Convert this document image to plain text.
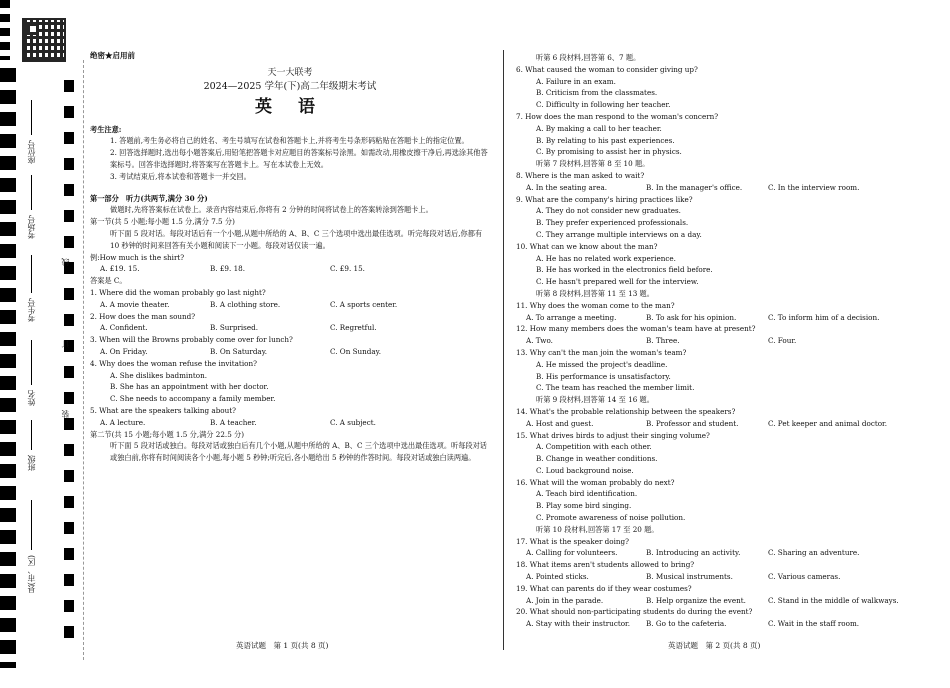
座位号
考场号
考生号
姓名
班级
县(市、区)
线
订
装

绝密★启用前

天一大联考

2024—2025 学年(下)高二年级期末考试

英 语

考生注意:

1. 答题前,考生务必将自己的姓名、考生号填写在试卷和答题卡上,并将考生号条形码粘贴在答题卡上的指定位置。

2. 回答选择题时,选出每小题答案后,用铅笔把答题卡对应题目的答案标号涂黑。如需改动,用橡皮擦干净后,再选涂其他答案标号。回答非选择题时,将答案写在答题卡上。写在本试卷上无效。

3. 考试结束后,将本试卷和答题卡一并交回。

第一部分　听力(共两节,满分 30 分)

做题时,先将答案标在试卷上。录音内容结束后,你将有 2 分钟的时间将试卷上的答案转涂到答题卡上。

第一节(共 5 小题;每小题 1.5 分,满分 7.5 分)

听下面 5 段对话。每段对话后有一个小题,从题中所给的 A、B、C 三个选项中选出最佳选项。听完每段对话后,你都有 10 秒钟的时间来回答有关小题和阅读下一小题。每段对话仅读一遍。

例:How much is the shirt?

A. £19. 15.	B. £9. 18.	C. £9. 15.

答案是 C。

1. Where did the woman probably go last night?

A. A movie theater.	B. A clothing store.	C. A sports center.

2. How does the man sound?

A. Confident.	B. Surprised.	C. Regretful.

3. When will the Browns probably come over for lunch?

A. On Friday.	B. On Saturday.	C. On Sunday.

4. Why does the woman refuse the invitation?

A. She dislikes badminton.

B. She has an appointment with her doctor.

C. She needs to accompany a family member.

5. What are the speakers talking about?

A. A lecture.	B. A teacher.	C. A subject.

第二节(共 15 小题;每小题 1.5 分,满分 22.5 分)

听下面 5 段对话或独白。每段对话或独白后有几个小题,从题中所给的 A、B、C 三个选项中选出最佳选项。听每段对话或独白前,你将有时间阅读各个小题,每小题 5 秒钟;听完后,各小题给出 5 秒钟的作答时间。每段对话或独白读两遍。

听第 6 段材料,回答第 6、7 题。

6. What caused the woman to consider giving up?

A. Failure in an exam.

B. Criticism from the classmates.

C. Difficulty in following her teacher.

7. How does the man respond to the woman's concern?

A. By making a call to her teacher.

B. By relating to his past experiences.

C. By promising to assist her in physics.

听第 7 段材料,回答第 8 至 10 题。

8. Where is the man asked to wait?

A. In the seating area.	B. In the manager's office.	C. In the interview room.

9. What are the company's hiring practices like?

A. They do not consider new graduates.

B. They prefer experienced professionals.

C. They arrange multiple interviews on a day.

10. What can we know about the man?

A. He has no related work experience.

B. He has worked in the electronics field before.

C. He hasn't prepared well for the interview.

听第 8 段材料,回答第 11 至 13 题。

11. Why does the woman come to the man?

A. To arrange a meeting.	B. To ask for his opinion.	C. To inform him of a decision.

12. How many members does the woman's team have at present?

A. Two.	B. Three.	C. Four.

13. Why can't the man join the woman's team?

A. He missed the project's deadline.

B. His performance is unsatisfactory.

C. The team has reached the member limit.

听第 9 段材料,回答第 14 至 16 题。

14. What's the probable relationship between the speakers?

A. Host and guest.	B. Professor and student.	C. Pet keeper and animal doctor.

15. What drives birds to adjust their singing volume?

A. Competition with each other.

B. Change in weather conditions.

C. Loud background noise.

16. What will the woman probably do next?

A. Teach bird identification.

B. Play some bird singing.

C. Promote awareness of noise pollution.

听第 10 段材料,回答第 17 至 20 题。

17. What is the speaker doing?

A. Calling for volunteers.	B. Introducing an activity.	C. Sharing an adventure.

18. What items aren't students allowed to bring?

A. Pointed sticks.	B. Musical instruments.	C. Various cameras.

19. What can parents do if they wear costumes?

A. Join in the parade.	B. Help organize the event.	C. Stand in the middle of walkways.

20. What should non-participating students do during the event?

A. Stay with their instructor.	B. Go to the cafeteria.	C. Wait in the staff room.
英语试题　第 1 页(共 8 页)	英语试题　第 2 页(共 8 页)
